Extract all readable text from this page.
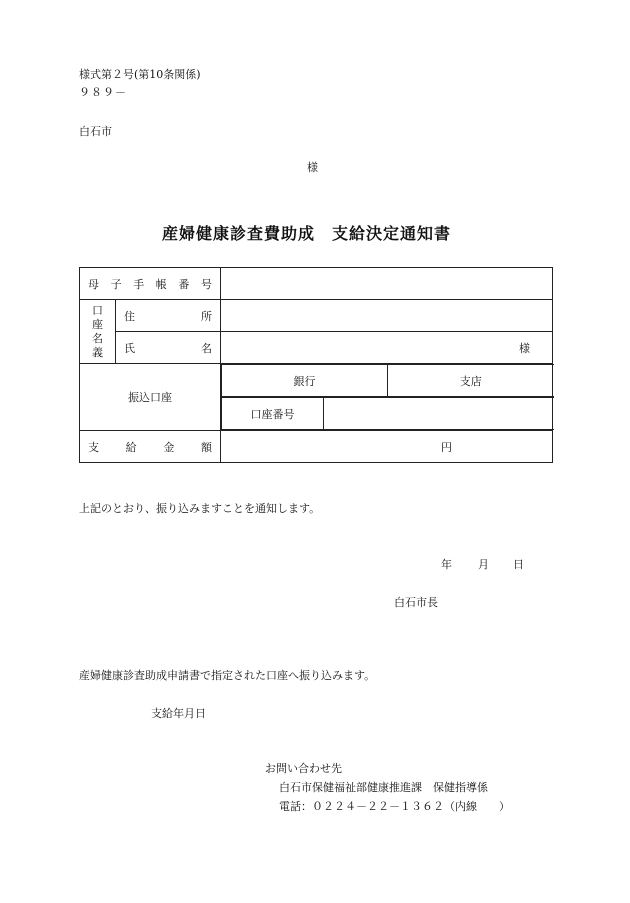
様式第２号(第10条関係)
９８９－
白石市
様
産婦健康診査費助成　支給決定通知書
母 子 手 帳 番 号

口
座
名
義

住	所

氏	名	様
振込口座	
銀行	支店
口座番号	

支 給 金 額	円
上記のとおり、振り込みますことを通知します。
年 月 日
白石市長
産婦健康診査助成申請書で指定された口座へ振り込みます。
支給年月日
お問い合わせ先
白石市保健福祉部健康推進課　保健指導係
電話：０２２４－２２－１３６２（内線　　）
